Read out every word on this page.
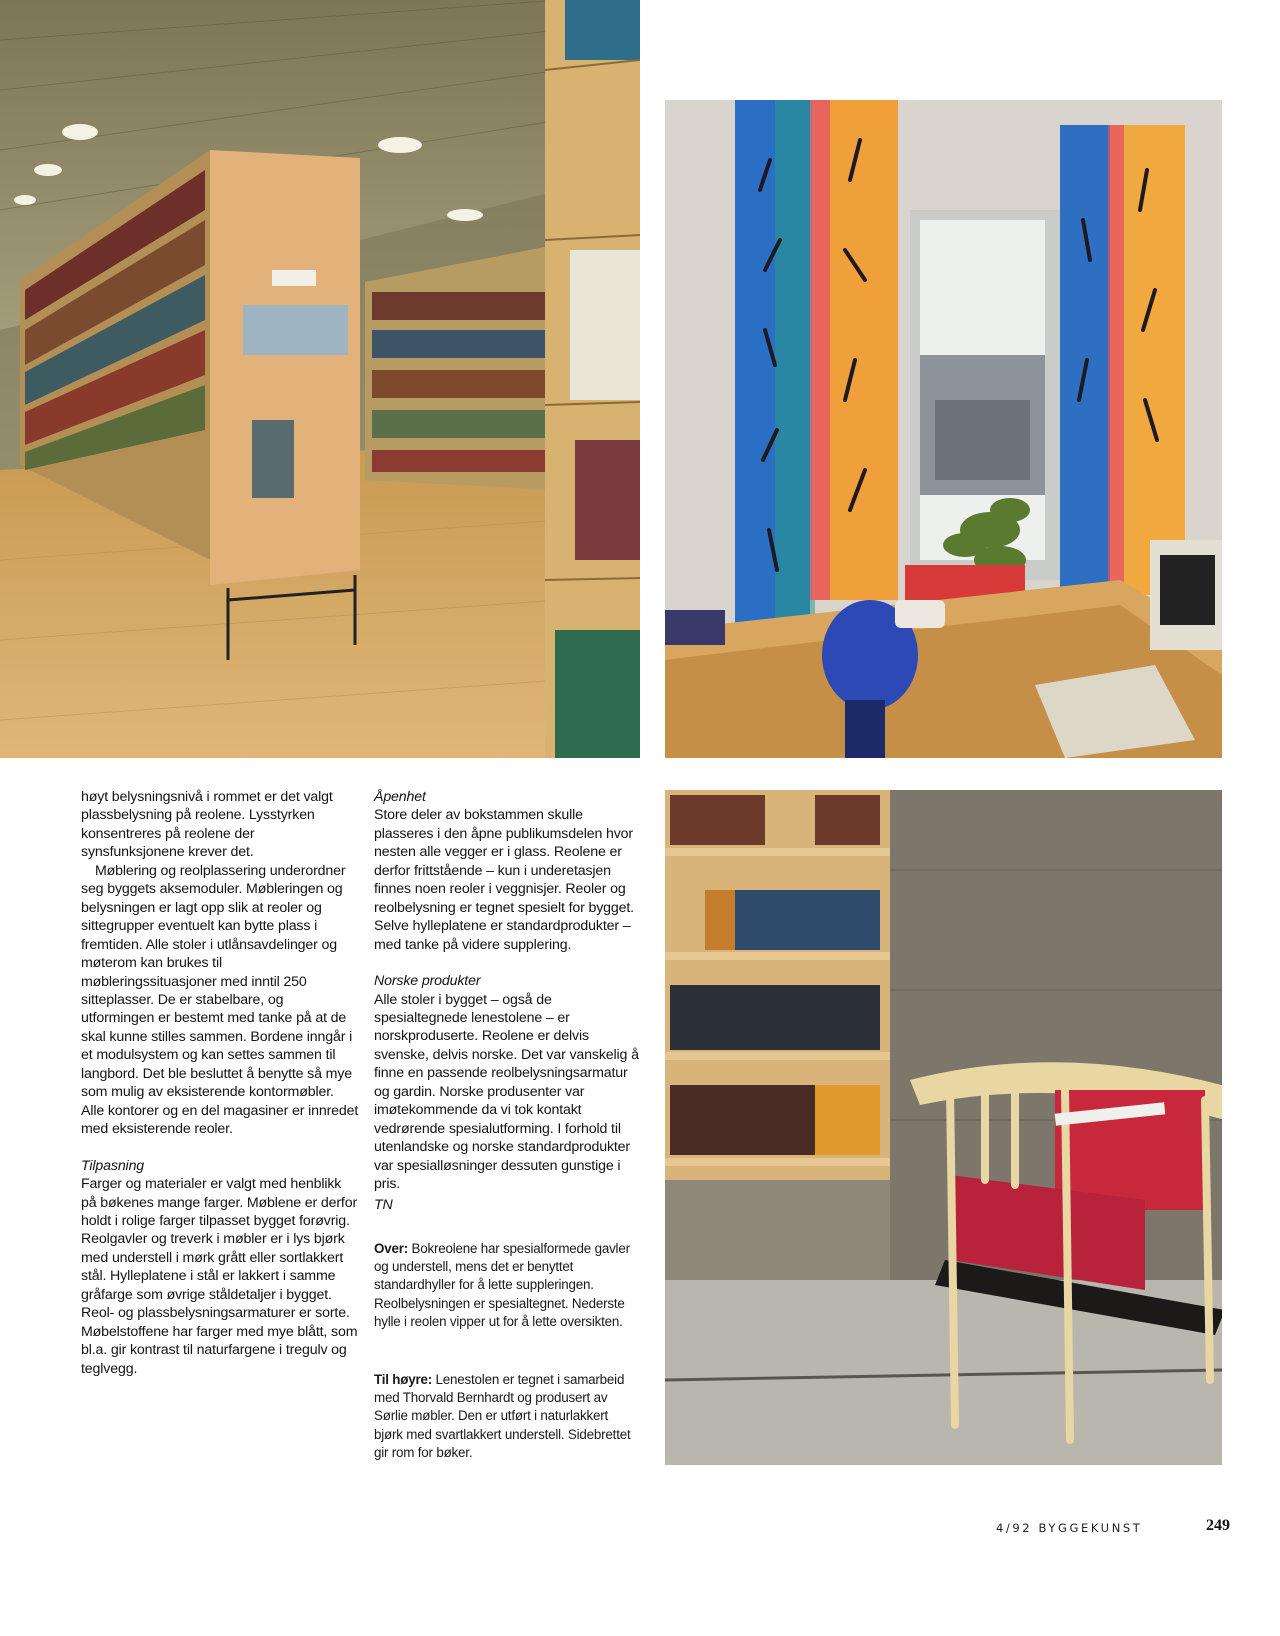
høyt belysningsnivå i rommet er det valgt plassbelysning på reolene. Lysstyrken konsentreres på reolene der synsfunksjonene krever det.

Møblering og reolplassering underordner seg byggets aksemoduler. Møbleringen og belysningen er lagt opp slik at reoler og sittegrupper eventuelt kan bytte plass i fremtiden. Alle stoler i utlånsavdelinger og møterom kan brukes til møbleringssituasjoner med inntil 250 sitteplasser. De er stabelbare, og utformingen er bestemt med tanke på at de skal kunne stilles sammen. Bordene inngår i et modulsystem og kan settes sammen til langbord. Det ble besluttet å benytte så mye som mulig av eksisterende kontormøbler. Alle kontorer og en del magasiner er innredet med eksisterende reoler.

Tilpasning

Farger og materialer er valgt med henblikk på bøkenes mange farger. Møblene er derfor holdt i rolige farger tilpasset bygget forøvrig. Reolgavler og treverk i møbler er i lys bjørk med understell i mørk grått eller sortlakkert stål. Hylleplatene i stål er lakkert i samme gråfarge som øvrige ståldetaljer i bygget. Reol- og plassbelysningsarmaturer er sorte. Møbelstoffene har farger med mye blått, som bl.a. gir kontrast til naturfargene i tregulv og teglvegg.

Åpenhet

Store deler av bokstammen skulle plasseres i den åpne publikumsdelen hvor nesten alle vegger er i glass. Reolene er derfor frittstående – kun i underetasjen finnes noen reoler i veggnisjer. Reoler og reolbelysning er tegnet spesielt for bygget. Selve hylleplatene er standardprodukter – med tanke på videre supplering.

Norske produkter

Alle stoler i bygget – også de spesialtegnede lenestolene – er norskproduserte. Reolene er delvis svenske, delvis norske. Det var vanskelig å finne en passende reolbelysningsarmatur og gardin. Norske produsenter var imøtekommende da vi tok kontakt vedrørende spesialutforming. I forhold til utenlandske og norske standardprodukter var spesialløsninger dessuten gunstige i pris.

TN

Over: Bokreolene har spesialformede gavler og understell, mens det er benyttet standardhyller for å lette suppleringen. Reolbelysningen er spesialtegnet. Nederste hylle i reolen vipper ut for å lette oversikten.
Til høyre: Lenestolen er tegnet i samarbeid med Thorvald Bernhardt og produsert av Sørlie møbler. Den er utført i naturlakkert bjørk med svartlakkert understell. Sidebrettet gir rom for bøker.
4/92 BYGGEKUNST	249
